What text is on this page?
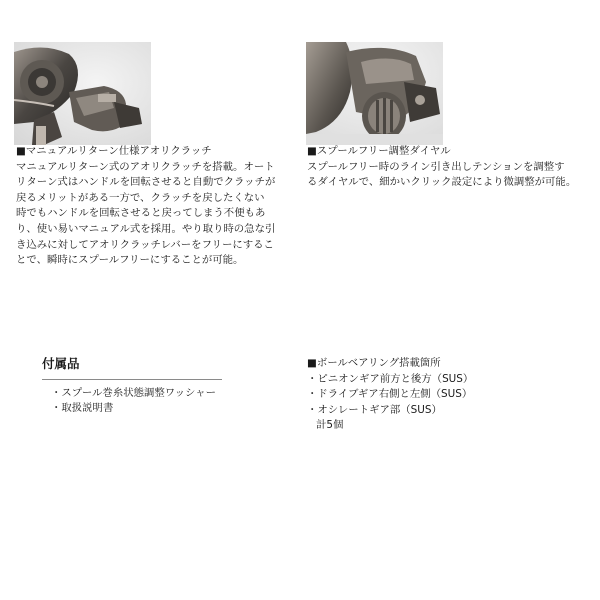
■マニュアルリターン仕様アオリクラッチ

マニュアルリターン式のアオリクラッチを搭載。オート

リターン式はハンドルを回転させると自動でクラッチが

戻るメリットがある一方で、クラッチを戻したくない

時でもハンドルを回転させると戻ってしまう不便もあ

り、使い易いマニュアル式を採用。やり取り時の急な引

き込みに対してアオリクラッチレバーをフリーにするこ

とで、瞬時にスプールフリーにすることが可能。

■スプールフリー調整ダイヤル

スプールフリー時のライン引き出しテンションを調整す

るダイヤルで、細かいクリック設定により微調整が可能。

付属品

・スプール巻糸状態調整ワッシャー

・取扱説明書

■ボールベアリング搭載箇所

・ピニオンギア前方と後方（SUS）

・ドライブギア右側と左側（SUS）

・オシレートギア部（SUS）

計5個
